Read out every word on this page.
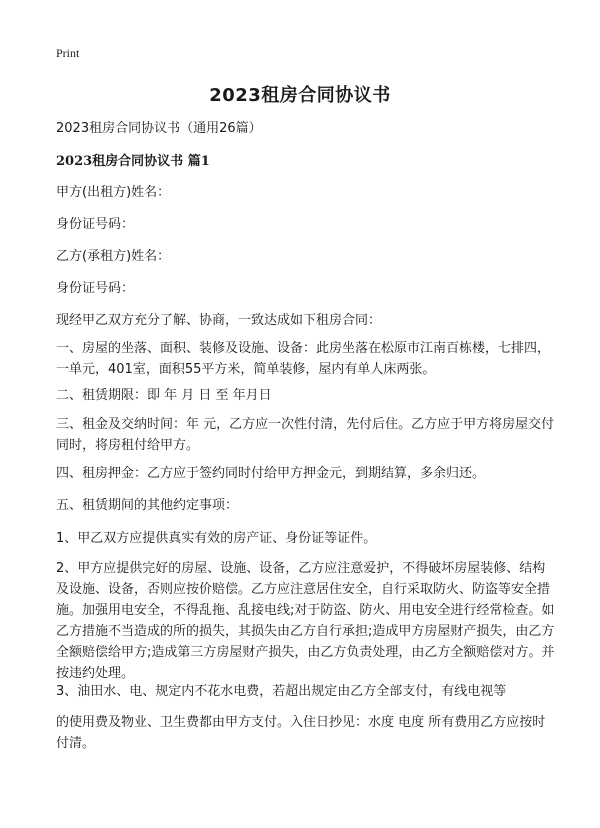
Print
2023租房合同协议书
2023租房合同协议书（通用26篇）
2023租房合同协议书 篇1
甲方(出租方)姓名：
身份证号码：
乙方(承租方)姓名：
身份证号码：
现经甲乙双方充分了解、协商，一致达成如下租房合同：
一、房屋的坐落、面积、装修及设施、设备：此房坐落在松原市江南百栋楼，七排四，一单元，401室，面积55平方米，简单装修，屋内有单人床两张。
二、租赁期限：即 年 月 日 至 年月日
三、租金及交纳时间：年 元，乙方应一次性付清，先付后住。乙方应于甲方将房屋交付同时，将房租付给甲方。
四、租房押金：乙方应于签约同时付给甲方押金元，到期结算，多余归还。
五、租赁期间的其他约定事项：
1、甲乙双方应提供真实有效的房产证、身份证等证件。
2、甲方应提供完好的房屋、设施、设备，乙方应注意爱护，不得破坏房屋装修、结构及设施、设备，否则应按价赔偿。乙方应注意居住安全，自行采取防火、防盗等安全措施。加强用电安全，不得乱拖、乱接电线;对于防盗、防火、用电安全进行经常检查。如乙方措施不当造成的所的损失，其损失由乙方自行承担;造成甲方房屋财产损失，由乙方全额赔偿给甲方;造成第三方房屋财产损失，由乙方负责处理，由乙方全额赔偿对方。并按违约处理。
3、油田水、电、规定内不花水电费，若超出规定由乙方全部支付，有线电视等
的使用费及物业、卫生费都由甲方支付。入住日抄见：水度 电度 所有费用乙方应按时付清。
